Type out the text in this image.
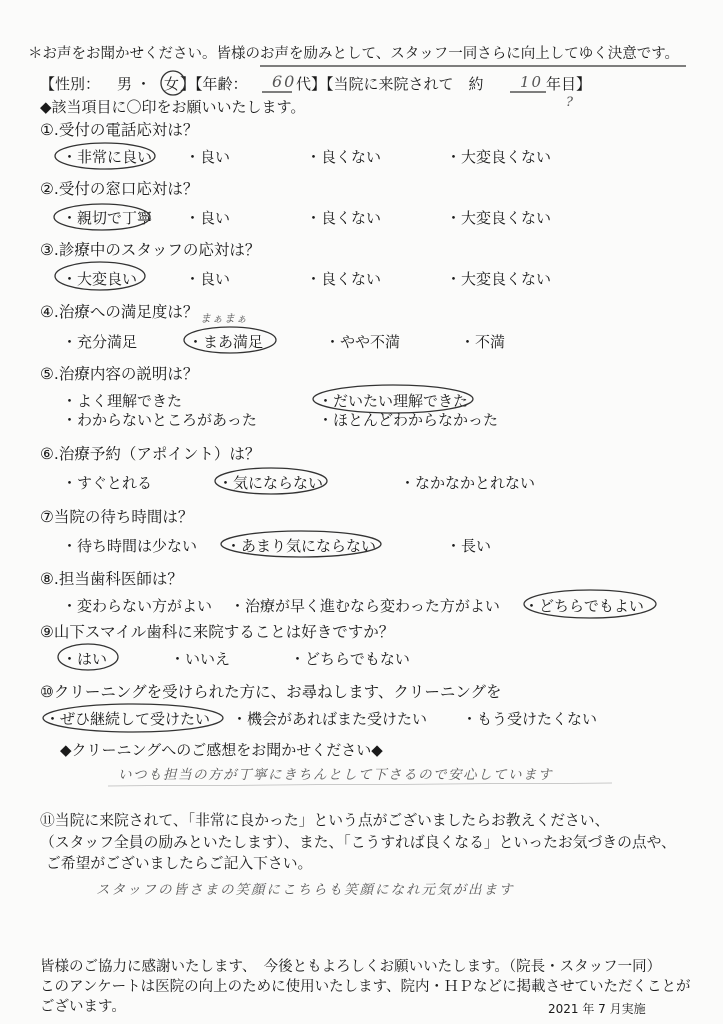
＊お声をお聞かせください。皆様のお声を励みとして、スタッフ一同さらに向上してゆく決意です。
【性別： 男 ・ 女 】【年齢： 60 代】【当院に来院されて　約 10 年目】
?
◆該当項目に〇印をお願いいたします。
①.受付の電話応対は？
・非常に良い ・良い	・良くない	・大変良くない
②.受付の窓口応対は？
・親切で丁寧 ・良い	・良くない	・大変良くない
③.診療中のスタッフの応対は？
・大変良い	・良い	・良くない	・大変良くない
④.治療への満足度は？ まぁまぁ
・充分満足	・まあ満足	・やや不満	・不満
⑤.治療内容の説明は？
・よく理解できた	・だいたい理解できた
・わからないところがあった	・ほとんどわからなかった
⑥.治療予約（アポイント）は？
・すぐとれる	・気にならない	・なかなかとれない
⑦当院の待ち時間は？
・待ち時間は少ない ・あまり気にならない	・長い
⑧.担当歯科医師は？
・変わらない方がよい ・治療が早く進むなら変わった方がよい ・どちらでもよい
⑨山下スマイル歯科に来院することは好きですか？
・はい	・いいえ	・どちらでもない
⑩クリーニングを受けられた方に、お尋ねします、クリーニングを
・ぜひ継続して受けたい ・機会があればまた受けたい ・もう受けたくない
◆クリーニングへのご感想をお聞かせください◆
いつも担当の方が丁寧にきちんとして下さるので安心しています
⑪当院に来院されて、「非常に良かった」という点がございましたらお教えください、
（スタッフ全員の励みといたします）、また、「こうすれば良くなる」といったお気づきの点や、
ご希望がございましたらご記入下さい。
スタッフの皆さまの笑顔にこちらも笑顔になれ元気が出ます
皆様のご協力に感謝いたします、　今後ともよろしくお願いいたします。（院長・スタッフ一同）
このアンケートは医院の向上のために使用いたします、院内・ＨＰなどに掲載させていただくことが
ございます。	2021 年 7 月実施
